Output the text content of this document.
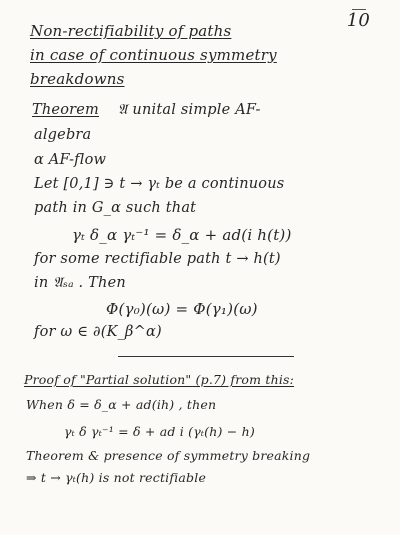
10
Non-rectifiability of paths
in case of continuous symmetry
breakdowns
Theorem 𝔄 unital simple AF-
algebra
α AF-flow
Let [0,1] ∋ t → γₜ be a continuous
path in G_α such that
γₜ δ_α γₜ⁻¹ = δ_α + ad(i h(t))
for some rectifiable path t → h(t)
in 𝔄ₛₐ . Then
Φ(γ₀)(ω) = Φ(γ₁)(ω)
for ω ∈ ∂(K_β^α)
Proof of "Partial solution" (p.7) from this:
When δ = δ_α + ad(ih) , then
γₜ δ γₜ⁻¹ = δ + ad i (γₜ(h) − h)
Theorem & presence of symmetry breaking
⇒ t → γₜ(h) is not rectifiable
